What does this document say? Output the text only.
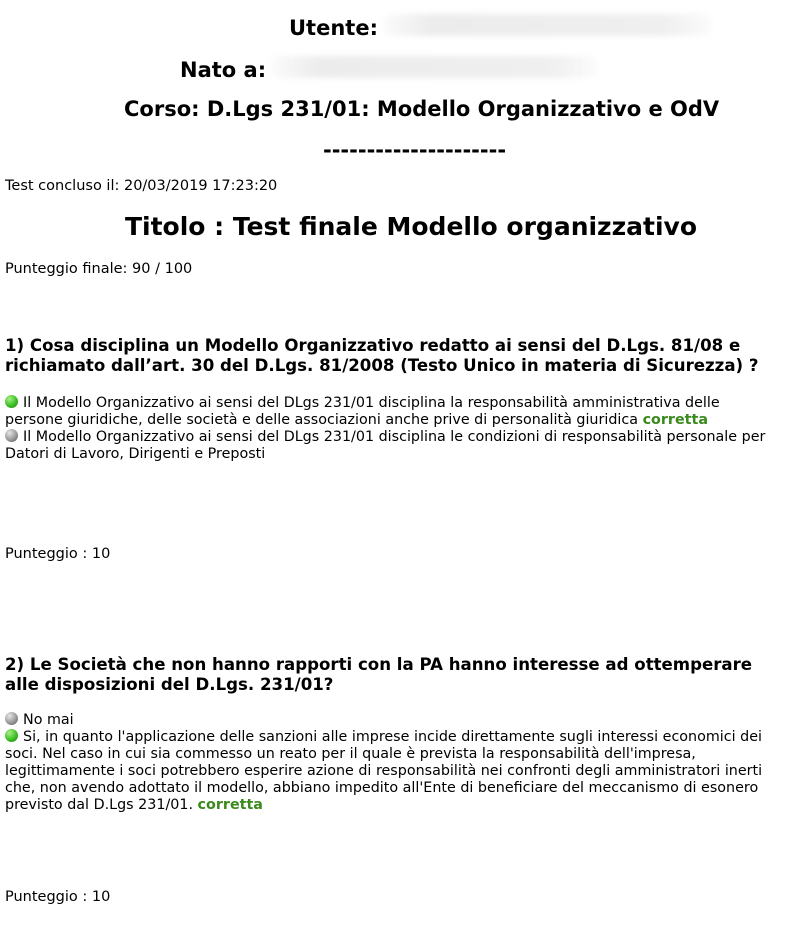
Utente:
Nato a:
Corso: D.Lgs 231/01: Modello Organizzativo e OdV
---------------------
Test concluso il: 20/03/2019 17:23:20
Titolo : Test finale Modello organizzativo
Punteggio finale: 90 / 100
1) Cosa disciplina un Modello Organizzativo redatto ai sensi del D.Lgs. 81/08 e richiamato dall’art. 30 del D.Lgs. 81/2008 (Testo Unico in materia di Sicurezza) ?

Il Modello Organizzativo ai sensi del DLgs 231/01 disciplina la responsabilità amministrativa delle persone giuridiche, delle società e delle associazioni anche prive di personalità giuridica corretta

Il Modello Organizzativo ai sensi del DLgs 231/01 disciplina le condizioni di responsabilità personale per Datori di Lavoro, Dirigenti e Preposti

Punteggio : 10
2) Le Società che non hanno rapporti con la PA hanno interesse ad ottemperare alle disposizioni del D.Lgs. 231/01?

No mai

Si, in quanto l'applicazione delle sanzioni alle imprese incide direttamente sugli interessi economici dei soci. Nel caso in cui sia commesso un reato per il quale è prevista la responsabilità dell'impresa, legittimamente i soci potrebbero esperire azione di responsabilità nei confronti degli amministratori inerti che, non avendo adottato il modello, abbiano impedito all'Ente di beneficiare del meccanismo di esonero previsto dal D.Lgs 231/01. corretta

Punteggio : 10
